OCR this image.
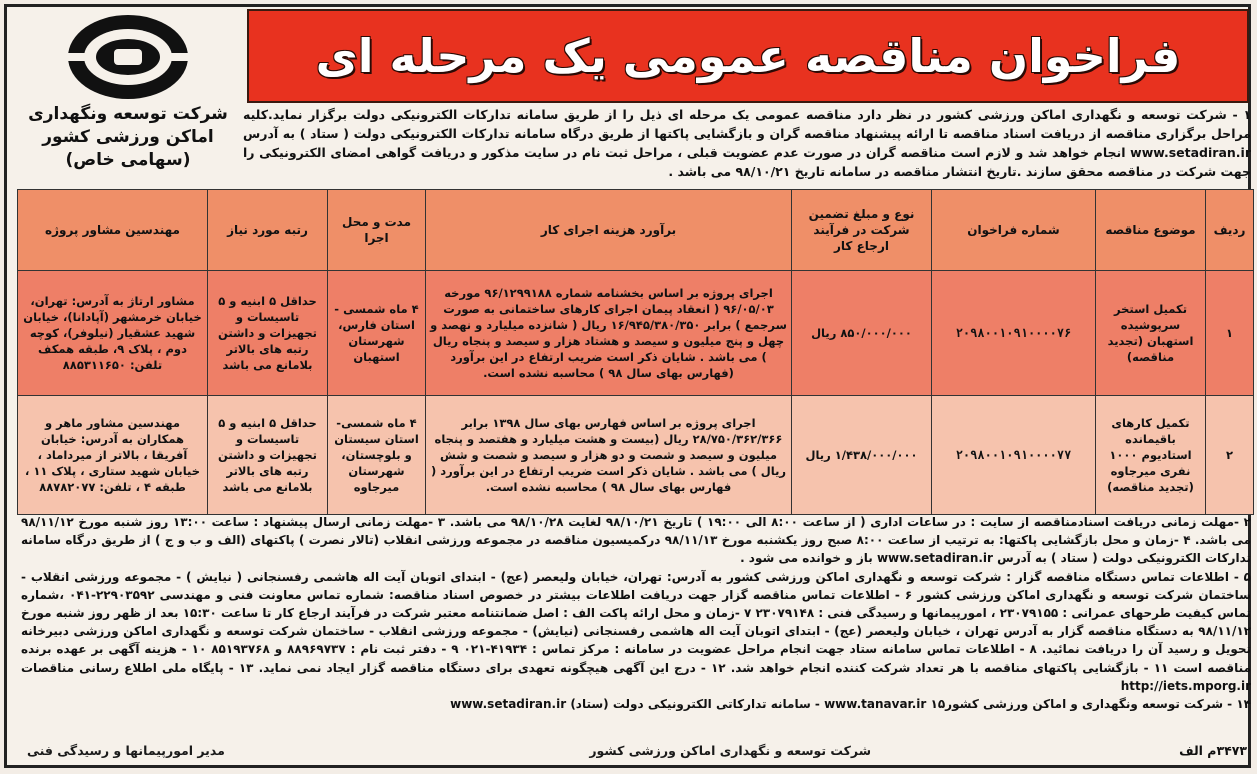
شرکت توسعه ونگهداری
اماکن ورزشی کشور
(سهامی خاص)
فراخوان مناقصه عمومی یک مرحله ای
۱ - شرکت توسعه و نگهداری اماکن ورزشی کشور در نظر دارد مناقصه عمومی یک مرحله ای ذیل را از طریق سامانه تدارکات الکترونیکی دولت برگزار نماید.کلیه مراحل برگزاری مناقصه از دریافت اسناد مناقصه تا ارائه پیشنهاد مناقصه گران و بازگشایی پاکتها از طریق درگاه سامانه تدارکات الکترونیکی دولت ( ستاد ) به آدرس www.setadiran.ir انجام خواهد شد و لازم است مناقصه گران در صورت عدم عضویت قبلی ، مراحل ثبت نام در سایت مذکور و دریافت گواهی امضای الکترونیکی را جهت شرکت در مناقصه محقق سازند .تاریخ انتشار مناقصه در سامانه تاریخ ۹۸/۱۰/۲۱ می باشد .
ردیف	موضوع مناقصه	شماره فراخوان	نوع و مبلغ تضمین شرکت در فرآیند ارجاع کار	برآورد هزینه اجرای کار	مدت و محل اجرا	رتبه مورد نیاز	مهندسین مشاور پروژه
۱	تکمیل استخر سرپوشیده استهبان (تجدید مناقصه)	۲۰۹۸۰۰۱۰۹۱۰۰۰۰۷۶	۸۵۰/۰۰۰/۰۰۰ ریال	اجرای پروژه بر اساس بخشنامه شماره ۹۶/۱۲۹۹۱۸۸ مورخه ۹۶/۰۵/۰۳ ( انعقاد پیمان اجرای کارهای ساختمانی به صورت سرجمع ) برابر ۱۶/۹۴۵/۳۸۰/۳۵۰ ریال ( شانزده میلیارد و نهصد و چهل و پنج میلیون و سیصد و هشتاد هزار و سیصد و پنجاه ریال ) می باشد . شایان ذکر است ضریب ارتفاع در این برآورد (فهارس بهای سال ۹۸ ) محاسبه نشده است.	۴ ماه شمسی - استان فارس، شهرستان استهبان	حداقل ۵ ابنیه و ۵ تاسیسات و تجهیزات و داشتن رتبه های بالاتر بلامانع می باشد	مشاور ارتاژ به آدرس: تهران، خیابان خرمشهر (آپادانا)، خیابان شهید عشقیار (نیلوفر)، کوچه دوم ، پلاک ۹، طبقه همکف تلفن: ۸۸۵۳۱۱۶۵۰
۲	تکمیل کارهای باقیمانده استادیوم ۱۰۰۰ نفری میرجاوه (تجدید مناقصه)	۲۰۹۸۰۰۱۰۹۱۰۰۰۰۷۷	۱/۴۳۸/۰۰۰/۰۰۰ ریال	اجرای پروژه بر اساس فهارس بهای سال ۱۳۹۸ برابر ۲۸/۷۵۰/۳۶۲/۳۶۶ ریال (بیست و هشت میلیارد و هفتصد و پنجاه میلیون و سیصد و شصت و دو هزار و سیصد و شصت و شش ریال ) می باشد . شایان ذکر است ضریب ارتفاع در این برآورد ( فهارس بهای سال ۹۸ ) محاسبه نشده است.	۴ ماه شمسی- استان سیستان و بلوچستان، شهرستان میرجاوه	حداقل ۵ ابنیه و ۵ تاسیسات و تجهیزات و داشتن رتبه های بالاتر بلامانع می باشد	مهندسین مشاور ماهر و همکاران به آدرس: خیابان آفریقا ، بالاتر از میرداماد ، خیابان شهید ستاری ، پلاک ۱۱ ، طبقه ۴ ، تلفن: ۸۸۷۸۲۰۷۷

۲ -مهلت زمانی دریافت اسنادمناقصه از سایت : در ساعات اداری ( از ساعت ۸:۰۰ الی ۱۹:۰۰ ) تاریخ ۹۸/۱۰/۲۱ لغایت ۹۸/۱۰/۲۸ می باشد. ۳ -مهلت زمانی ارسال پیشنهاد : ساعت ۱۳:۰۰ روز شنبه مورخ ۹۸/۱۱/۱۲ می باشد. ۴ -زمان و محل بازگشایی پاکتها: به ترتیب از ساعت ۸:۰۰ صبح روز یکشنبه مورخ ۹۸/۱۱/۱۳ درکمیسیون مناقصه در مجموعه ورزشی انقلاب (تالار نصرت ) پاکتهای (الف و ب و ج ) از طریق درگاه سامانه تدارکات الکترونیکی دولت ( ستاد ) به آدرس www.setadiran.ir باز و خوانده می شود .

۵ - اطلاعات تماس دستگاه مناقصه گزار : شرکت توسعه و نگهداری اماکن ورزشی کشور به آدرس: تهران، خیابان ولیعصر (عج) - ابتدای اتوبان آیت اله هاشمی رفسنجانی ( نیایش ) - مجموعه ورزشی انقلاب - ساختمان شرکت توسعه و نگهداری اماکن ورزشی کشور ۶ - اطلاعات تماس مناقصه گزار جهت دریافت اطلاعات بیشتر در خصوص اسناد مناقصه: شماره تماس معاونت فنی و مهندسی ۲۲۹۰۳۵۹۲-۰۴۱ ،شماره تماس کیفیت طرحهای عمرانی : ۲۳۰۷۹۱۵۵ ، امورپیمانها و رسیدگی فنی : ۲۳۰۷۹۱۴۸ ۷ -زمان و محل ارائه پاکت الف : اصل ضمانتنامه معتبر شرکت در فرآیند ارجاع کار تا ساعت ۱۵:۳۰ بعد از ظهر روز شنبه مورخ ۹۸/۱۱/۱۲ به دستگاه مناقصه گزار به آدرس تهران ، خیابان ولیعصر (عج) - ابتدای اتوبان آیت اله هاشمی رفسنجانی (نیایش) - مجموعه ورزشی انقلاب - ساختمان شرکت توسعه و نگهداری اماکن ورزشی دبیرخانه تحویل و رسید آن را دریافت نمائید. ۸ - اطلاعات تماس سامانه ستاد جهت انجام مراحل عضویت در سامانه : مرکز تماس : ۴۱۹۳۴-۰۲۱ ۹ - دفتر ثبت نام : ۸۸۹۶۹۷۳۷ و ۸۵۱۹۳۷۶۸ ۱۰ - هزینه آگهی بر عهده برنده مناقصه است ۱۱ - بازگشایی پاکتهای مناقصه با هر تعداد شرکت کننده انجام خواهد شد. ۱۲ - درج این آگهی هیچگونه تعهدی برای دستگاه مناقصه گزار ایجاد نمی نماید. ۱۳ - پایگاه ملی اطلاع رسانی مناقصات http://iets.mporg.ir

۱۴ - شرکت توسعه ونگهداری و اماکن ورزشی کشورwww.tanavar.ir ۱۵ - سامانه تدارکاتی الکترونیکی دولت (ستاد) www.setadiran.ir

۳۴۷۳م الف
شرکت توسعه و نگهداری اماکن ورزشی کشور
مدیر امورپیمانها و رسیدگی فنی
